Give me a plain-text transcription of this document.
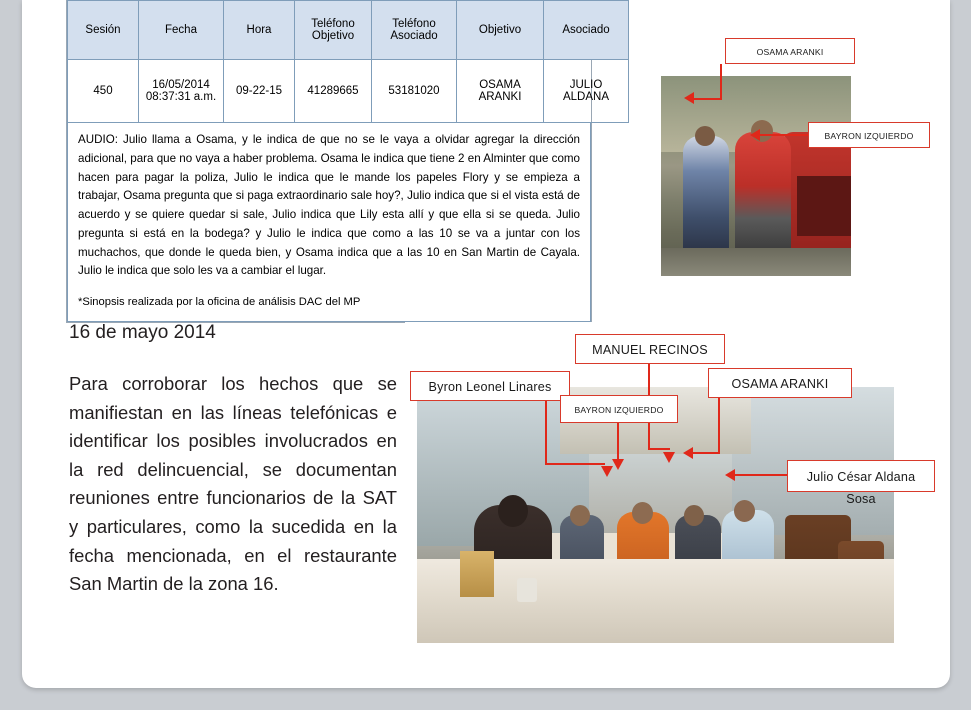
Sesión	Fecha	Hora	Teléfono Objetivo	Teléfono Asociado	Objetivo	Asociado
450	16/05/2014 08:37:31 a.m.	09-22-15	41289665	53181020	OSAMA ARANKI	JULIO ALDANA
AUDIO: Julio llama a Osama, y le indica de que no se le vaya a olvidar agregar la dirección adicional, para que no vaya a haber problema. Osama le indica que tiene 2 en Alminter que como hacen para pagar la poliza, Julio le indica que le mande los papeles Flory y se empieza a trabajar, Osama pregunta que si paga extraordinario sale hoy?, Julio indica que si el vista está de acuerdo y se quiere quedar si sale, Julio indica que Lily esta allí y que ella si se queda. Julio pregunta si está en la bodega? y Julio le indica que como a las 10 se va a juntar con los muchachos, que donde le queda bien, y Osama indica que a las 10 en San Martin de Cayala. Julio le indica que solo les va a cambiar el lugar.
*Sinopsis realizada por la oficina de análisis DAC del MP
OSAMA ARANKI
BAYRON IZQUIERDO
16 de mayo 2014
Para corroborar los hechos que se manifiestan en las líneas telefónicas e identificar los posibles involucrados en la red delincuencial, se documentan reuniones entre funcionarios de la SAT y particulares, como la sucedida en la fecha mencionada, en el restaurante San Martin de la zona 16.
MANUEL RECINOS
Byron Leonel Linares	OSAMA ARANKI
BAYRON IZQUIERDO
Julio César Aldana Sosa
